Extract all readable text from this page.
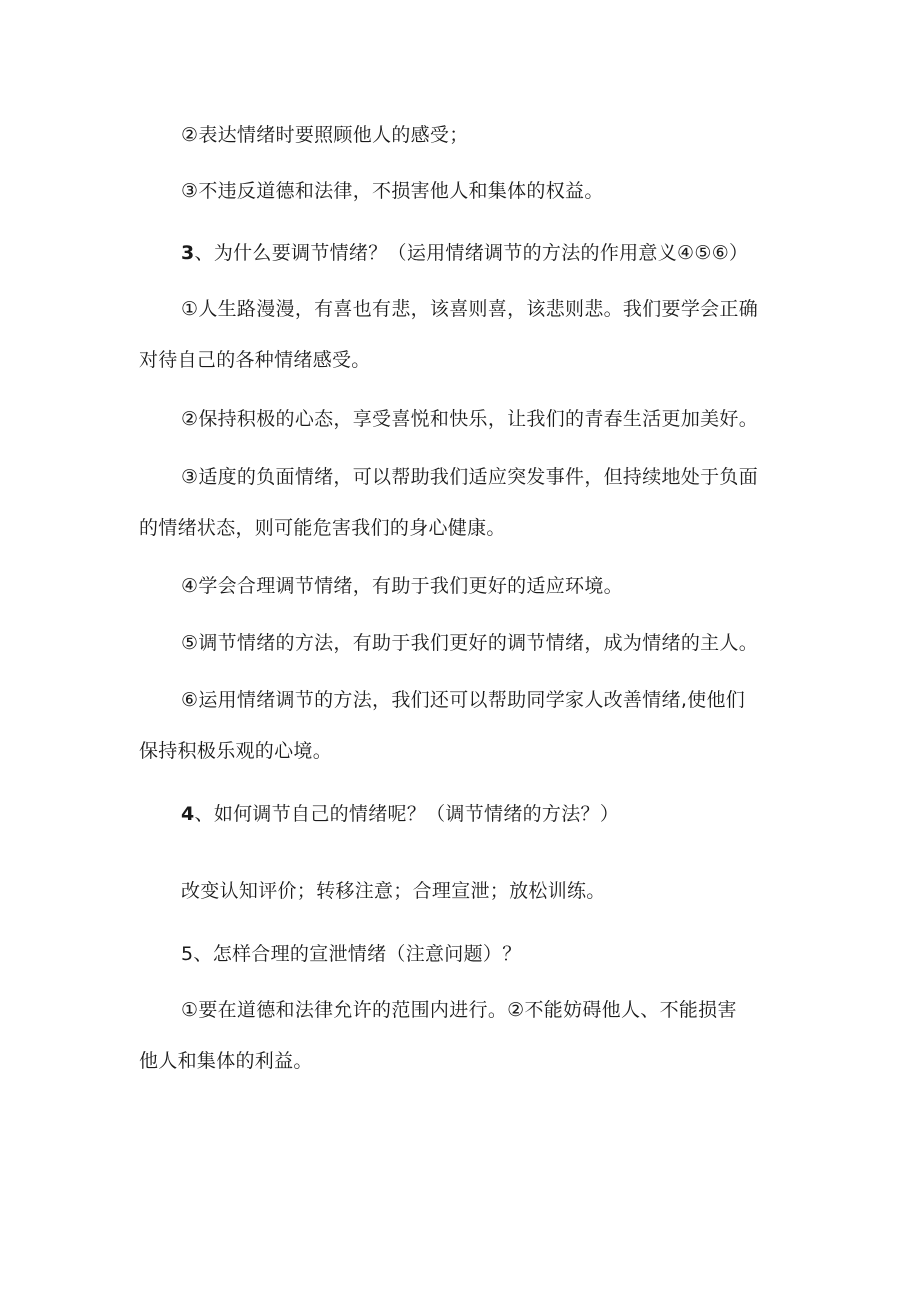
②表达情绪时要照顾他人的感受；
③不违反道德和法律，不损害他人和集体的权益。
3、为什么要调节情绪？（运用情绪调节的方法的作用意义④⑤⑥）
①人生路漫漫，有喜也有悲，该喜则喜，该悲则悲。我们要学会正确
对待自己的各种情绪感受。
②保持积极的心态，享受喜悦和快乐，让我们的青春生活更加美好。
③适度的负面情绪，可以帮助我们适应突发事件，但持续地处于负面
的情绪状态，则可能危害我们的身心健康。
④学会合理调节情绪，有助于我们更好的适应环境。
⑤调节情绪的方法，有助于我们更好的调节情绪，成为情绪的主人。
⑥运用情绪调节的方法，我们还可以帮助同学家人改善情绪,使他们
保持积极乐观的心境。
4、如何调节自己的情绪呢？（调节情绪的方法？）
改变认知评价；转移注意；合理宣泄；放松训练。
5、怎样合理的宣泄情绪（注意问题）？
①要在道德和法律允许的范围内进行。②不能妨碍他人、不能损害
他人和集体的利益。
